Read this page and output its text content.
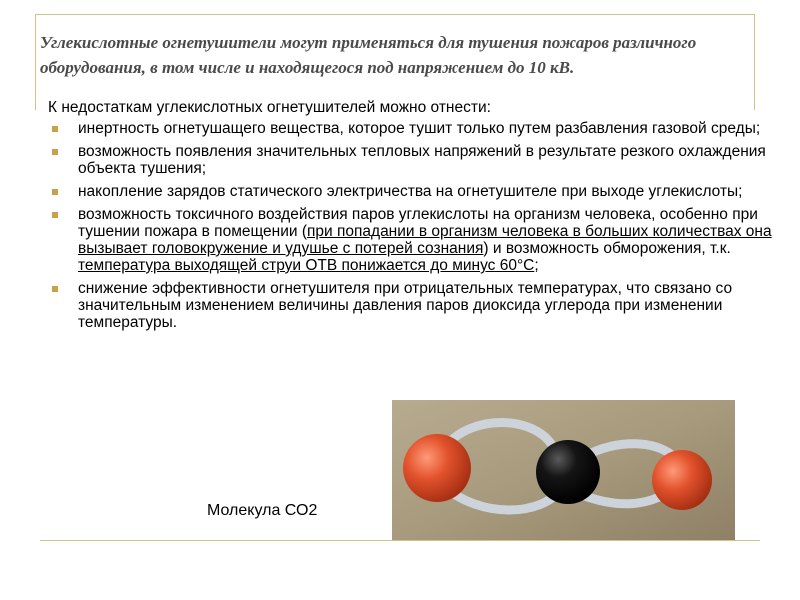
Углекислотные огнетушители могут применяться для тушения пожаров различного оборудования, в том числе и находящегося под напряжением до 10 кВ.

К недостаткам углекислотных огнетушителей можно отнести:

инертность огнетушащего вещества, которое тушит только путем разбавления газовой среды;
возможность появления значительных тепловых напряжений в результате резкого охлаждения объекта тушения;
накопление зарядов статического электричества на огнетушителе при выходе углекислоты;
возможность токсичного воздействия паров углекислоты на организм человека, особенно при тушении пожара в помещении (при попадании в организм человека в больших количествах она вызывает головокружение и удушье с потерей сознания) и возможность обморожения, т.к. температура выходящей струи ОТВ понижается до минус 60°С;
снижение эффективности огнетушителя при отрицательных температурах, что связано со значительным изменением величины давления паров диоксида углерода при изменении температуры.
Молекула СО2
